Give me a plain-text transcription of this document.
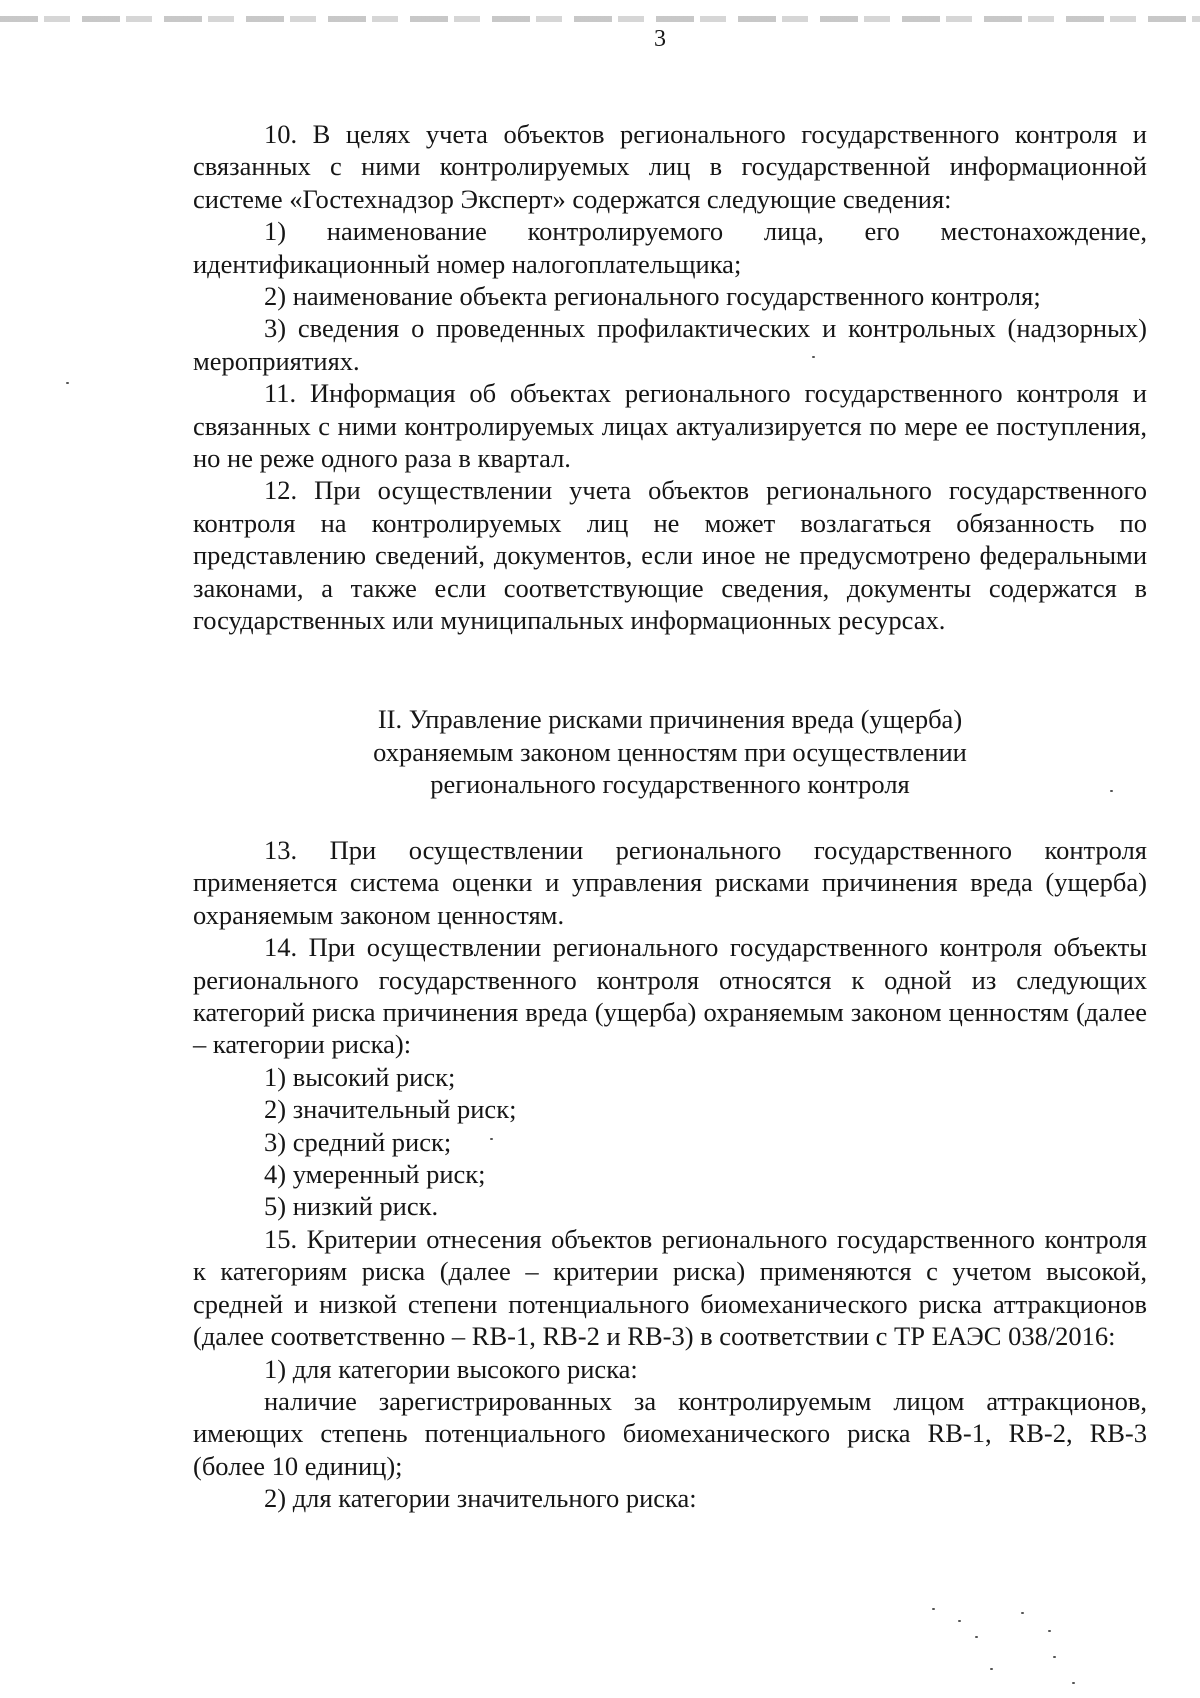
3

10. В целях учета объектов регионального государственного контроля и связанных с ними контролируемых лиц в государственной информационной системе «Гостехнадзор Эксперт» содержатся следующие сведения:

1) наименование контролируемого лица, его местонахождение, идентификационный номер налогоплательщика;

2) наименование объекта регионального государственного контроля;

3) сведения о проведенных профилактических и контрольных (надзорных) мероприятиях.

11. Информация об объектах регионального государственного контроля и связанных с ними контролируемых лицах актуализируется по мере ее поступления, но не реже одного раза в квартал.

12. При осуществлении учета объектов регионального государственного контроля на контролируемых лиц не может возлагаться обязанность по представлению сведений, документов, если иное не предусмотрено федеральными законами, а также если соответствующие сведения, документы содержатся в государственных или муниципальных информационных ресурсах.

II. Управление рисками причинения вреда (ущерба)
охраняемым законом ценностям при осуществлении
регионального государственного контроля

13. При осуществлении регионального государственного контроля применяется система оценки и управления рисками причинения вреда (ущерба) охраняемым законом ценностям.

14. При осуществлении регионального государственного контроля объекты регионального государственного контроля относятся к одной из следующих категорий риска причинения вреда (ущерба) охраняемым законом ценностям (далее – категории риска):

1) высокий риск;

2) значительный риск;

3) средний риск;

4) умеренный риск;

5) низкий риск.

15. Критерии отнесения объектов регионального государственного контроля к категориям риска (далее – критерии риска) применяются с учетом высокой, средней и низкой степени потенциального биомеханического риска аттракционов (далее соответственно – RB-1, RB-2 и RB-3) в соответствии с ТР ЕАЭС 038/2016:

1) для категории высокого риска:

наличие зарегистрированных за контролируемым лицом аттракционов, имеющих степень потенциального биомеханического риска RB-1, RB-2, RB-3 (более 10 единиц);

2) для категории значительного риска:
